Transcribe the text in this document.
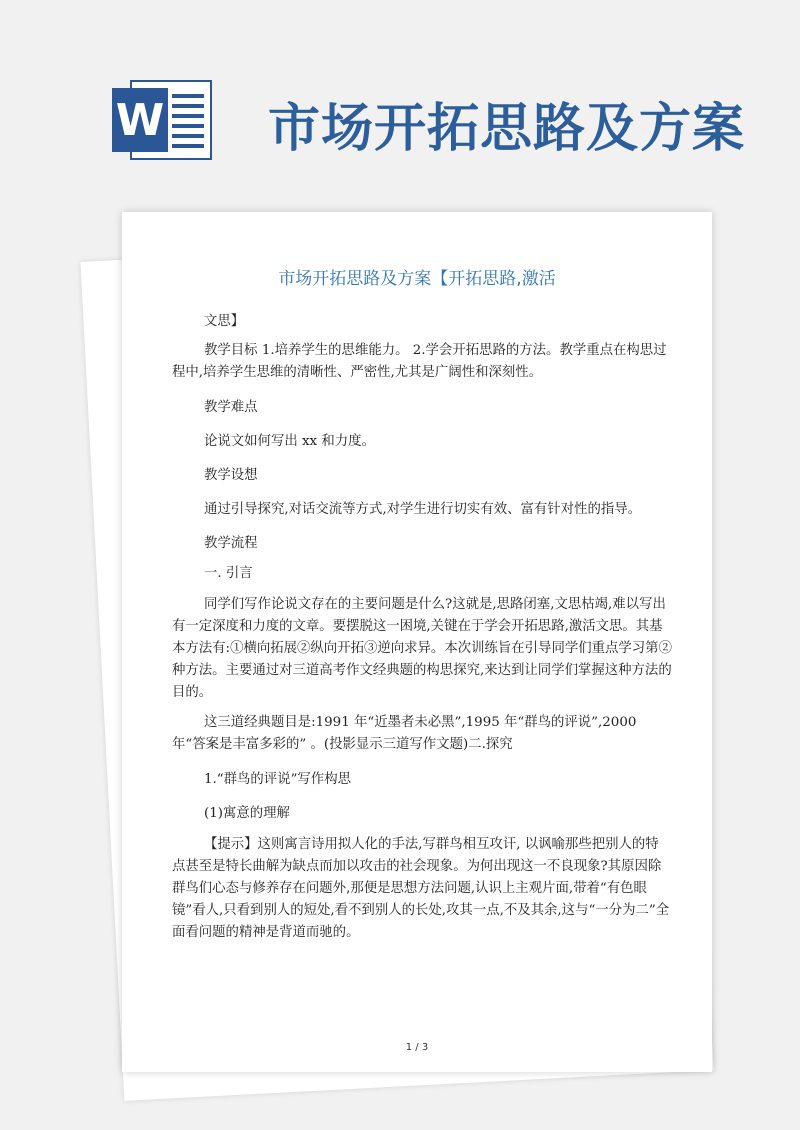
W 市场开拓思路及方案
市场开拓思路及方案【开拓思路,激活
文思】
教学目标 1.培养学生的思维能力。 2.学会开拓思路的方法。教学重点在构思过程中,培养学生思维的清晰性、严密性,尤其是广阔性和深刻性。
教学难点
论说文如何写出 xx 和力度。
教学设想
通过引导探究,对话交流等方式,对学生进行切实有效、富有针对性的指导。
教学流程
一. 引言
同学们写作论说文存在的主要问题是什么?这就是,思路闭塞,文思枯竭,难以写出有一定深度和力度的文章。要摆脱这一困境,关键在于学会开拓思路,激活文思。其基本方法有:①横向拓展②纵向开拓③逆向求异。本次训练旨在引导同学们重点学习第②种方法。主要通过对三道高考作文经典题的构思探究,来达到让同学们掌握这种方法的目的。
这三道经典题目是:1991 年“近墨者未必黑”,1995 年“群鸟的评说”,2000 年“答案是丰富多彩的” 。(投影显示三道写作文题)二.探究
1.“群鸟的评说”写作构思
(1)寓意的理解
【提示】这则寓言诗用拟人化的手法,写群鸟相互攻讦, 以讽喻那些把别人的特点甚至是特长曲解为缺点而加以攻击的社会现象。为何出现这一不良现象?其原因除群鸟们心态与修养存在问题外,那便是思想方法问题,认识上主观片面,带着“有色眼镜”看人,只看到别人的短处,看不到别人的长处,攻其一点,不及其余,这与“一分为二”全面看问题的精神是背道而驰的。
1 / 3
